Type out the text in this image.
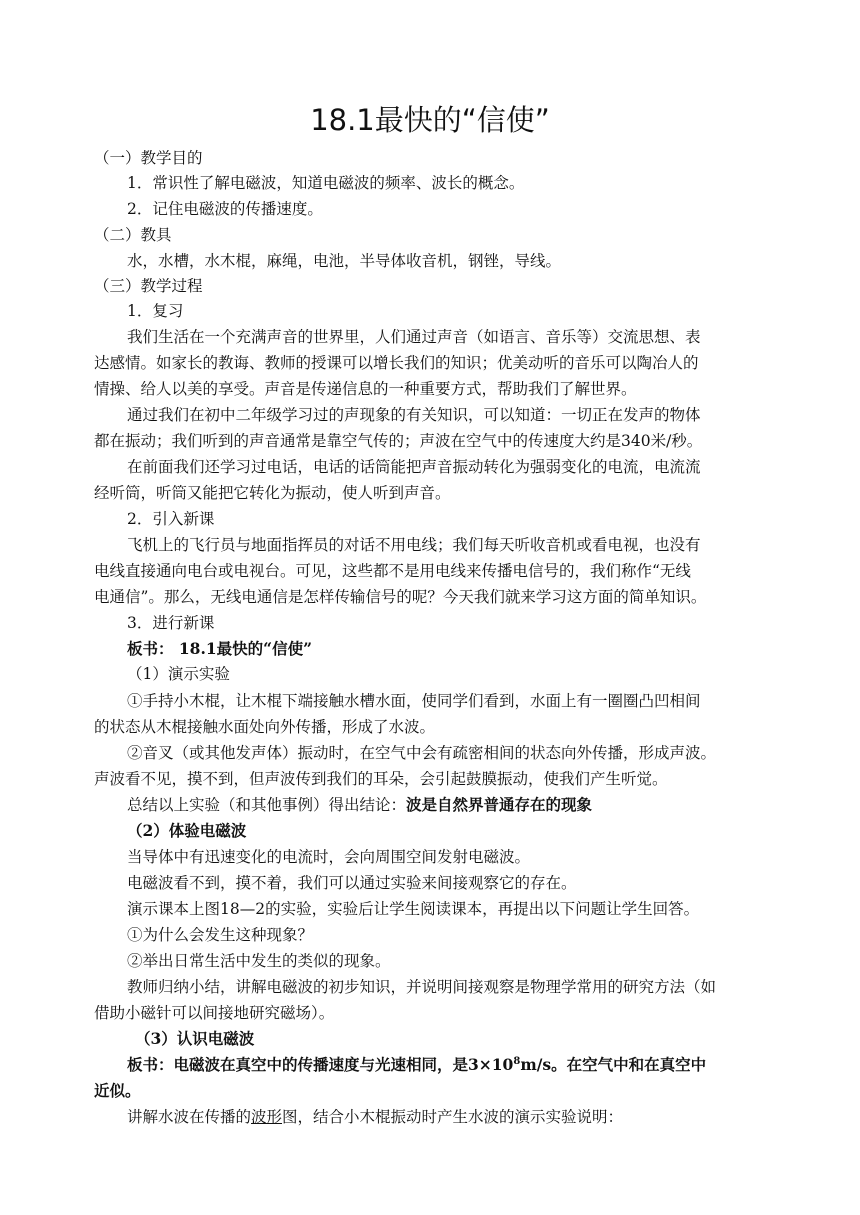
18.1最快的“信使”
（一）教学目的
1．常识性了解电磁波，知道电磁波的频率、波长的概念。
2．记住电磁波的传播速度。
（二）教具
水，水槽，水木棍，麻绳，电池，半导体收音机，钢锉，导线。
（三）教学过程
1．复习
我们生活在一个充满声音的世界里，人们通过声音（如语言、音乐等）交流思想、表
达感情。如家长的教诲、教师的授课可以增长我们的知识；优美动听的音乐可以陶冶人的
情操、给人以美的享受。声音是传递信息的一种重要方式，帮助我们了解世界。
通过我们在初中二年级学习过的声现象的有关知识，可以知道：一切正在发声的物体
都在振动；我们听到的声音通常是靠空气传的；声波在空气中的传速度大约是340米/秒。
在前面我们还学习过电话，电话的话筒能把声音振动转化为强弱变化的电流，电流流
经听筒，听筒又能把它转化为振动，使人听到声音。
2．引入新课
飞机上的飞行员与地面指挥员的对话不用电线；我们每天听收音机或看电视，也没有
电线直接通向电台或电视台。可见，这些都不是用电线来传播电信号的，我们称作“无线
电通信”。那么，无线电通信是怎样传输信号的呢？今天我们就来学习这方面的简单知识。
3．进行新课
板书： 18.1最快的“信使”
（1）演示实验
①手持小木棍，让木棍下端接触水槽水面，使同学们看到，水面上有一圈圈凸凹相间
的状态从木棍接触水面处向外传播，形成了水波。
②音叉（或其他发声体）振动时，在空气中会有疏密相间的状态向外传播，形成声波。
声波看不见，摸不到，但声波传到我们的耳朵，会引起鼓膜振动，使我们产生听觉。
总结以上实验（和其他事例）得出结论：波是自然界普通存在的现象
（2）体验电磁波
当导体中有迅速变化的电流时，会向周围空间发射电磁波。
电磁波看不到，摸不着，我们可以通过实验来间接观察它的存在。
演示课本上图18—2的实验，实验后让学生阅读课本，再提出以下问题让学生回答。
①为什么会发生这种现象？
②举出日常生活中发生的类似的现象。
教师归纳小结，讲解电磁波的初步知识，并说明间接观察是物理学常用的研究方法（如
借助小磁针可以间接地研究磁场）。
（3）认识电磁波
板书：电磁波在真空中的传播速度与光速相同，是$3\times 10^8m/s$。在空气中和在真空中
近似。
讲解水波在传播的波形图，结合小木棍振动时产生水波的演示实验说明：
